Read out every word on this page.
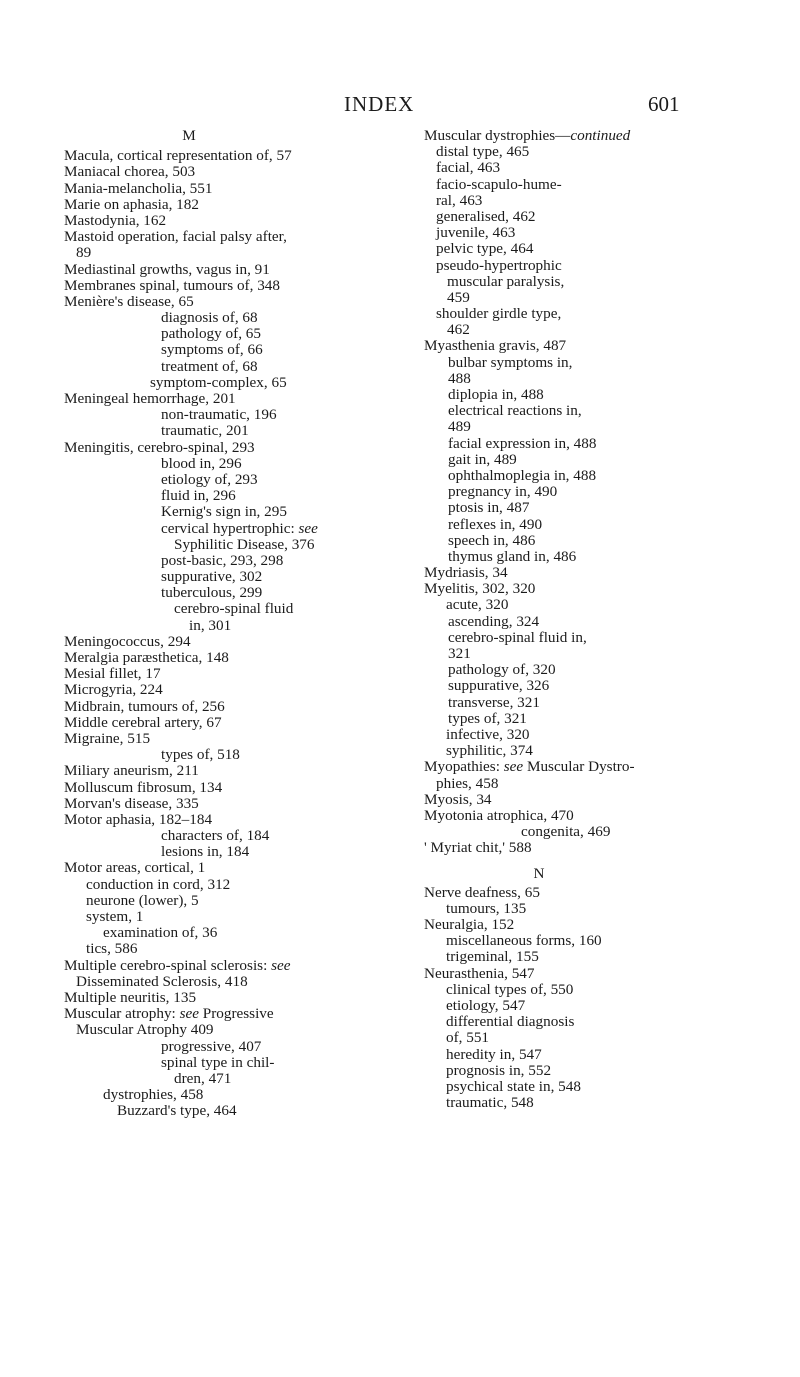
INDEX	601
M
Macula, cortical representation of, 57
Maniacal chorea, 503
Mania-melancholia, 551
Marie on aphasia, 182
Mastodynia, 162
Mastoid operation, facial palsy after,
89
Mediastinal growths, vagus in, 91
Membranes spinal, tumours of, 348
Menière's disease, 65
diagnosis of, 68
pathology of, 65
symptoms of, 66
treatment of, 68
symptom-complex, 65
Meningeal hemorrhage, 201
non-traumatic, 196
traumatic, 201
Meningitis, cerebro-spinal, 293
blood in, 296
etiology of, 293
fluid in, 296
Kernig's sign in, 295
cervical hypertrophic: see
Syphilitic Disease, 376
post-basic, 293, 298
suppurative, 302
tuberculous, 299
cerebro-spinal fluid
in, 301
Meningococcus, 294
Meralgia paræsthetica, 148
Mesial fillet, 17
Microgyria, 224
Midbrain, tumours of, 256
Middle cerebral artery, 67
Migraine, 515
types of, 518
Miliary aneurism, 211
Molluscum fibrosum, 134
Morvan's disease, 335
Motor aphasia, 182–184
characters of, 184
lesions in, 184
Motor areas, cortical, 1
conduction in cord, 312
neurone (lower), 5
system, 1
examination of, 36
tics, 586
Multiple cerebro-spinal sclerosis: see
Disseminated Sclerosis, 418
Multiple neuritis, 135
Muscular atrophy: see Progressive
Muscular Atrophy 409
progressive, 407
spinal type in chil-
dren, 471
dystrophies, 458
Buzzard's type, 464
Muscular dystrophies—continued
distal type, 465
facial, 463
facio-scapulo-hume-
ral, 463
generalised, 462
juvenile, 463
pelvic type, 464
pseudo-hypertrophic
muscular paralysis,
459
shoulder girdle type,
462
Myasthenia gravis, 487
bulbar symptoms in,
488
diplopia in, 488
electrical reactions in,
489
facial expression in, 488
gait in, 489
ophthalmoplegia in, 488
pregnancy in, 490
ptosis in, 487
reflexes in, 490
speech in, 486
thymus gland in, 486
Mydriasis, 34
Myelitis, 302, 320
acute, 320
ascending, 324
cerebro-spinal fluid in,
321
pathology of, 320
suppurative, 326
transverse, 321
types of, 321
infective, 320
syphilitic, 374
Myopathies: see Muscular Dystro-
phies, 458
Myosis, 34
Myotonia atrophica, 470
congenita, 469
' Myriat chit,' 588
N
Nerve deafness, 65
tumours, 135
Neuralgia, 152
miscellaneous forms, 160
trigeminal, 155
Neurasthenia, 547
clinical types of, 550
etiology, 547
differential diagnosis
of, 551
heredity in, 547
prognosis in, 552
psychical state in, 548
traumatic, 548
